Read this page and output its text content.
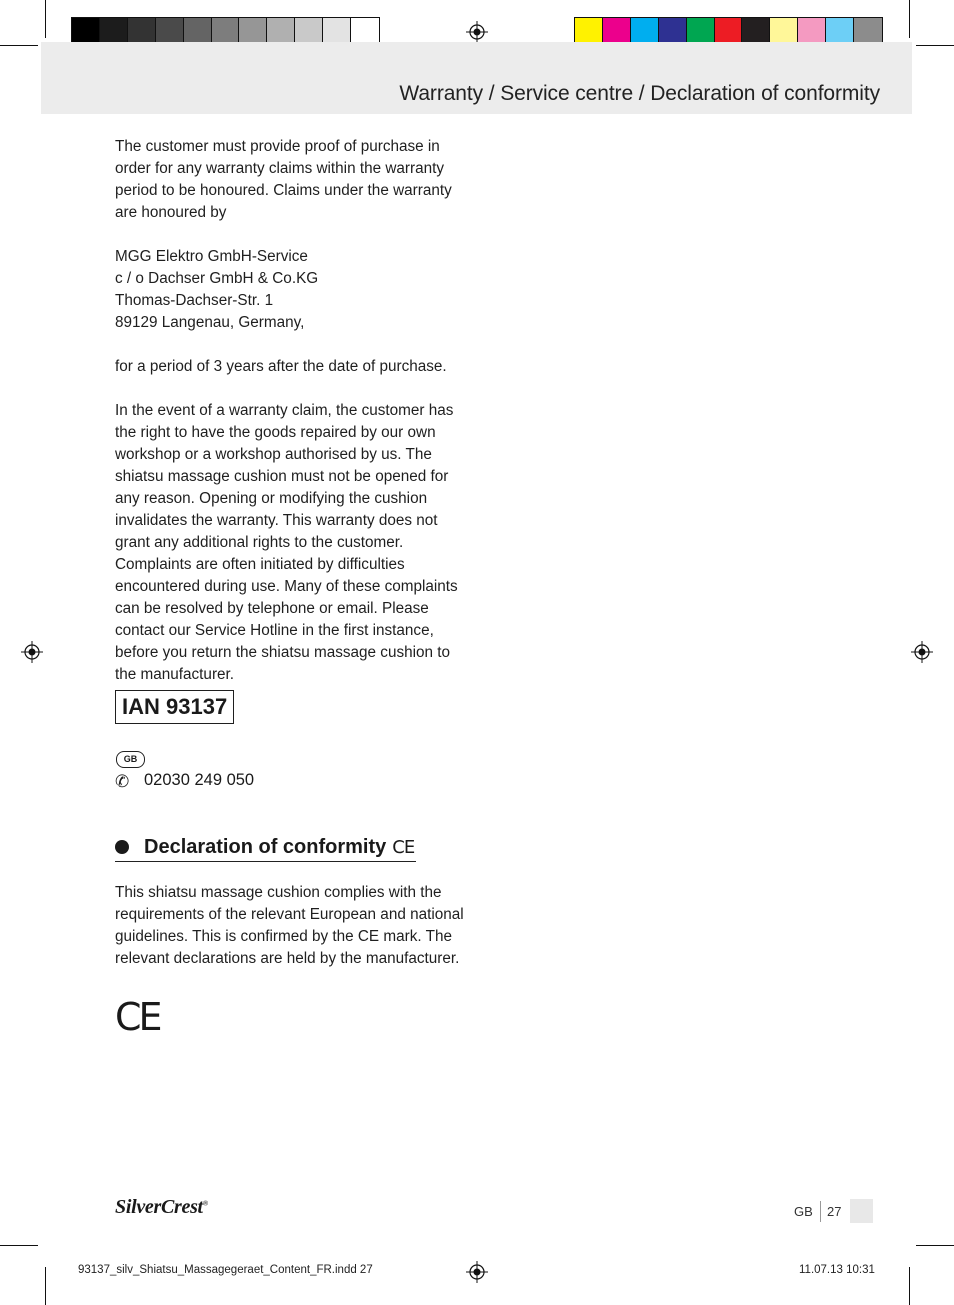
Warranty / Service centre / Declaration of conformity

The customer must provide proof of purchase in order for any warranty claims within the warranty period to be honoured. Claims under the warranty are honoured by

MGG Elektro GmbH-Service

c / o Dachser GmbH & Co.KG

Thomas-Dachser-Str. 1

89129 Langenau, Germany,

for a period of 3 years after the date of purchase.

In the event of a warranty claim, the customer has the right to have the goods repaired by our own workshop or a workshop authorised by us. The shiatsu massage cushion must not be opened for any reason. Opening or modifying the cushion invalidates the warranty. This warranty does not grant any additional rights to the customer. Complaints are often initiated by difficulties encountered during use. Many of these complaints can be resolved by telephone or email. Please contact our Service Hotline in the first instance, before you return the shiatsu massage cushion to the manufacturer.

IAN 93137
GB
✆ 02030 249 050
Declaration of conformity CE

This shiatsu massage cushion complies with the requirements of the relevant European and national guidelines. This is confirmed by the CE mark. The relevant declarations are held by the manufacturer.

CE
SilverCrest®
GB 27
93137_silv_Shiatsu_Massagegeraet_Content_FR.indd 27	11.07.13 10:31
